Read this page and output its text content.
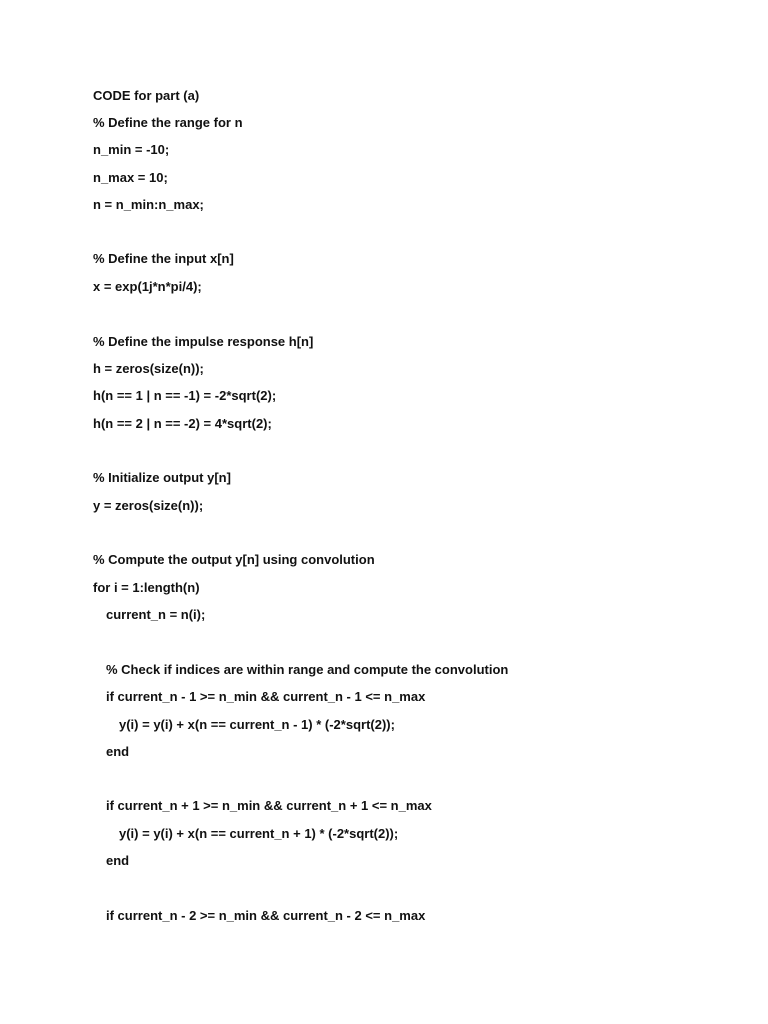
CODE for part (a)
% Define the range for n
n_min = -10;
n_max = 10;
n = n_min:n_max;
% Define the input x[n]
x = exp(1j*n*pi/4);
% Define the impulse response h[n]
h = zeros(size(n));
h(n == 1 | n == -1) = -2*sqrt(2);
h(n == 2 | n == -2) = 4*sqrt(2);
% Initialize output y[n]
y = zeros(size(n));
% Compute the output y[n] using convolution
for i = 1:length(n)
current_n = n(i);
% Check if indices are within range and compute the convolution
if current_n - 1 >= n_min && current_n - 1 <= n_max
y(i) = y(i) + x(n == current_n - 1) * (-2*sqrt(2));
end
if current_n + 1 >= n_min && current_n + 1 <= n_max
y(i) = y(i) + x(n == current_n + 1) * (-2*sqrt(2));
end
if current_n - 2 >= n_min && current_n - 2 <= n_max
